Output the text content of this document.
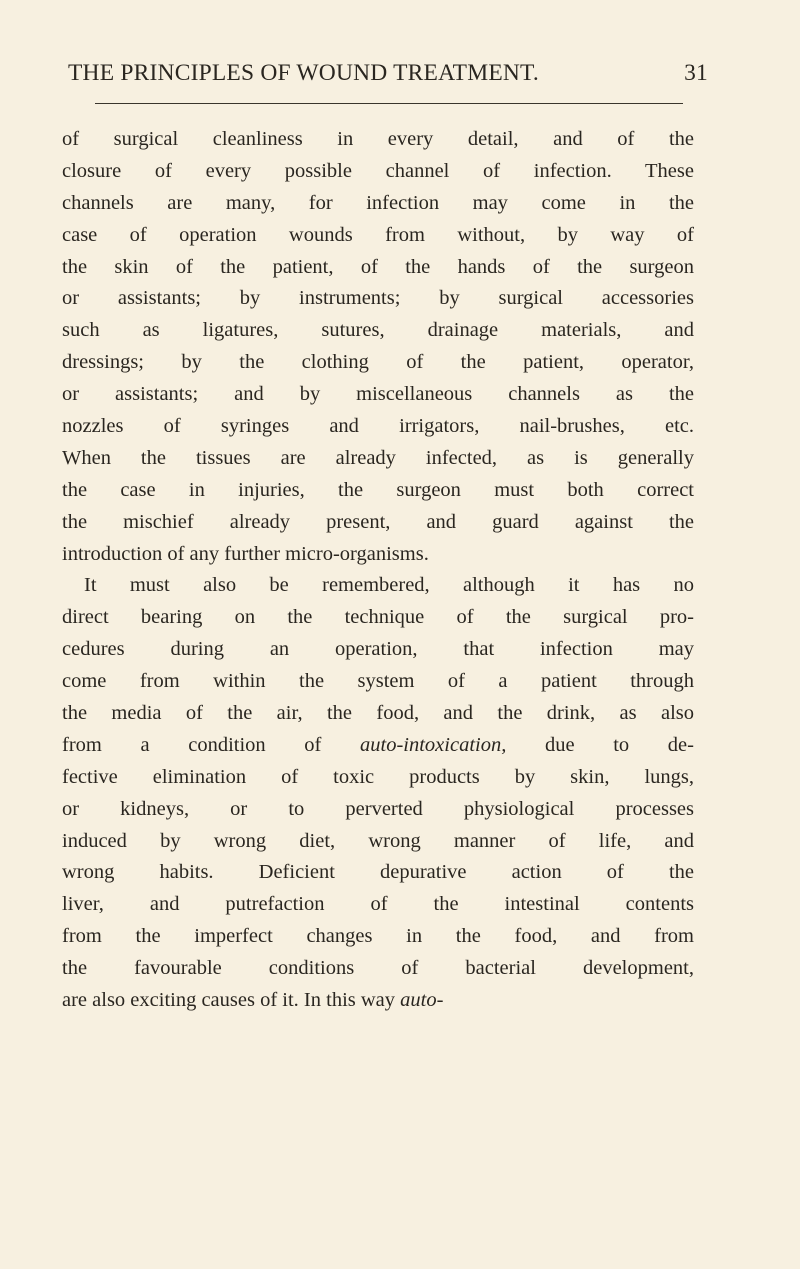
THE PRINCIPLES OF WOUND TREATMENT.	31
of surgical cleanliness in every detail, and of the
closure of every possible channel of infection. These
channels are many, for infection may come in the
case of operation wounds from without, by way of
the skin of the patient, of the hands of the surgeon
or assistants; by instruments; by surgical accessories
such as ligatures, sutures, drainage materials, and
dressings; by the clothing of the patient, operator,
or assistants; and by miscellaneous channels as the
nozzles of syringes and irrigators, nail-brushes, etc.
When the tissues are already infected, as is generally
the case in injuries, the surgeon must both correct
the mischief already present, and guard against the
introduction of any further micro-organisms.
It must also be remembered, although it has no
direct bearing on the technique of the surgical pro-
cedures during an operation, that infection may
come from within the system of a patient through
the media of the air, the food, and the drink, as also
from a condition of auto-intoxication, due to de-
fective elimination of toxic products by skin, lungs,
or kidneys, or to perverted physiological processes
induced by wrong diet, wrong manner of life, and
wrong habits. Deficient depurative action of the
liver, and putrefaction of the intestinal contents
from the imperfect changes in the food, and from
the favourable conditions of bacterial development,
are also exciting causes of it. In this way auto-
